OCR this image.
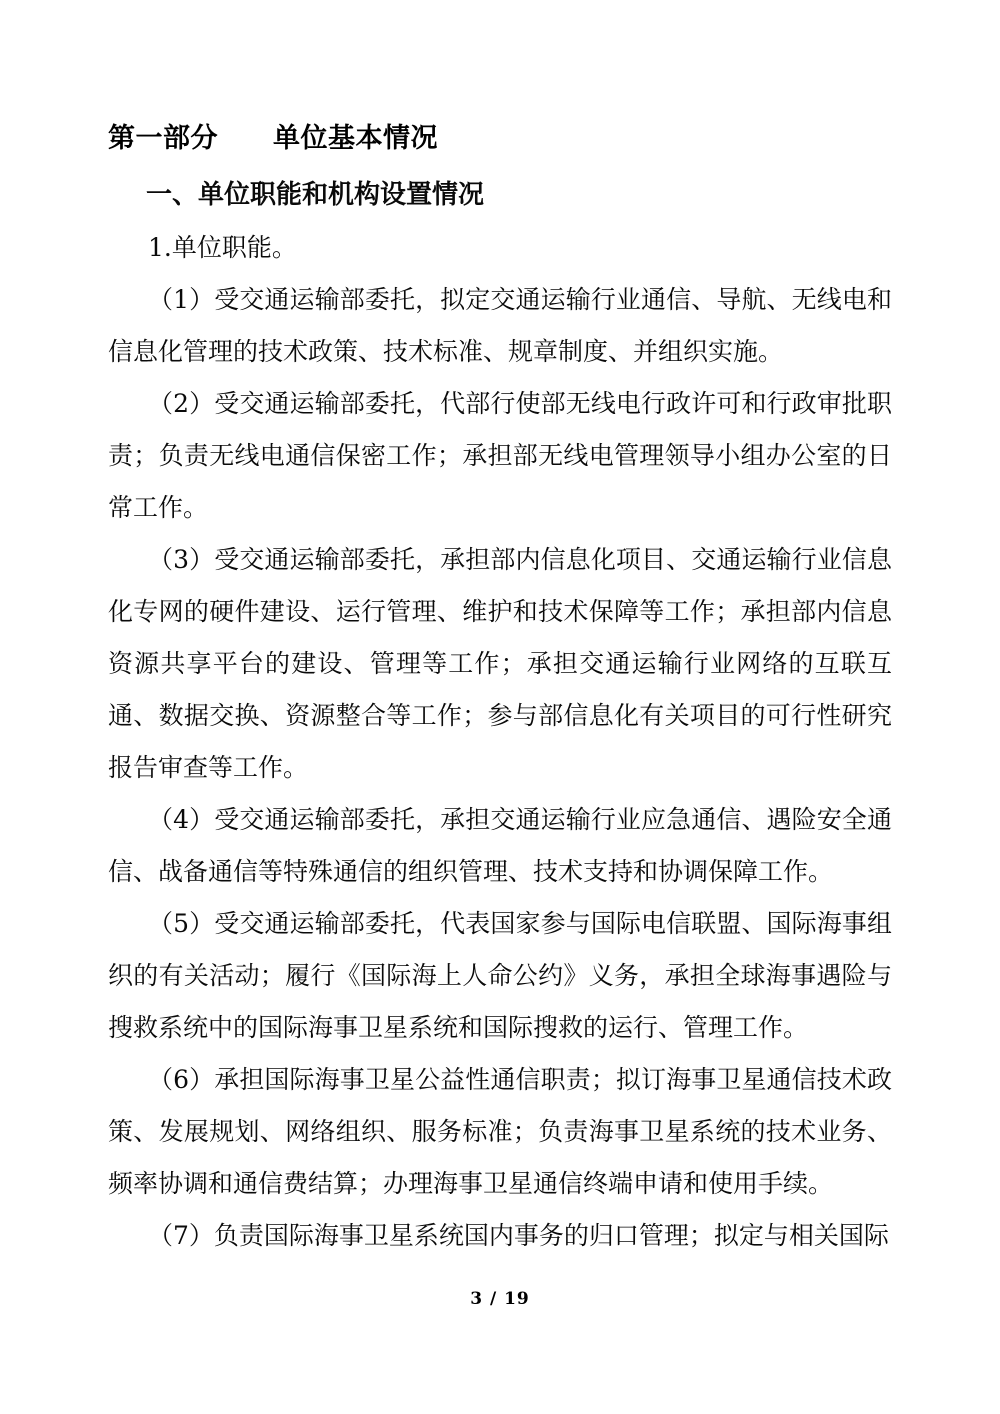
第一部分　　单位基本情况
一、单位职能和机构设置情况

1.单位职能。

（1）受交通运输部委托，拟定交通运输行业通信、导航、无线电和信息化管理的技术政策、技术标准、规章制度、并组织实施。

（2）受交通运输部委托，代部行使部无线电行政许可和行政审批职责；负责无线电通信保密工作；承担部无线电管理领导小组办公室的日常工作。

（3）受交通运输部委托，承担部内信息化项目、交通运输行业信息化专网的硬件建设、运行管理、维护和技术保障等工作；承担部内信息资源共享平台的建设、管理等工作；承担交通运输行业网络的互联互通、数据交换、资源整合等工作；参与部信息化有关项目的可行性研究报告审查等工作。

（4）受交通运输部委托，承担交通运输行业应急通信、遇险安全通信、战备通信等特殊通信的组织管理、技术支持和协调保障工作。

（5）受交通运输部委托，代表国家参与国际电信联盟、国际海事组织的有关活动；履行《国际海上人命公约》义务，承担全球海事遇险与搜救系统中的国际海事卫星系统和国际搜救的运行、管理工作。

（6）承担国际海事卫星公益性通信职责；拟订海事卫星通信技术政策、发展规划、网络组织、服务标准；负责海事卫星系统的技术业务、频率协调和通信费结算；办理海事卫星通信终端申请和使用手续。

（7）负责国际海事卫星系统国内事务的归口管理；拟定与相关国际

3 / 19
